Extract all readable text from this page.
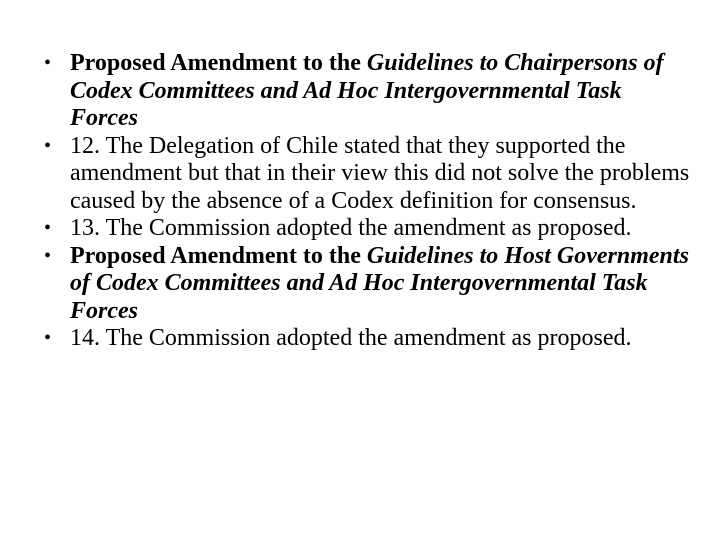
• Proposed Amendment to the Guidelines to Chairpersons of Codex Committees and Ad Hoc Intergovernmental Task Forces
• 12. The Delegation of Chile stated that they supported the amendment but that in their view this did not solve the problems caused by the absence of a Codex definition for consensus.
• 13. The Commission adopted the amendment as proposed.
• Proposed Amendment to the Guidelines to Host Governments of Codex Committees and Ad Hoc Intergovernmental Task Forces
• 14. The Commission adopted the amendment as proposed.
